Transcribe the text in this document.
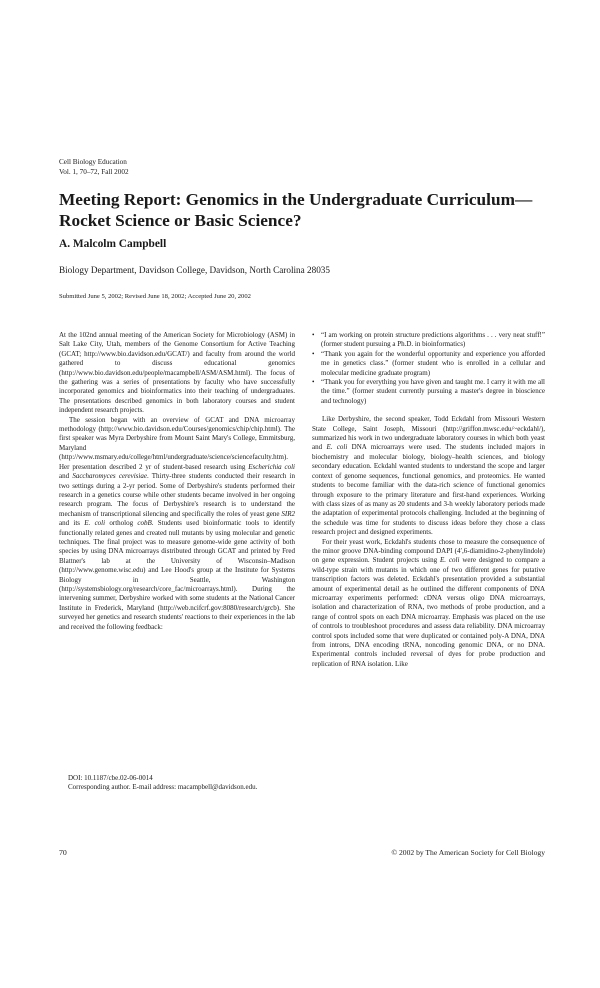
Cell Biology Education
Vol. 1, 70–72, Fall 2002
Meeting Report: Genomics in the Undergraduate Curriculum—Rocket Science or Basic Science?
A. Malcolm Campbell
Biology Department, Davidson College, Davidson, North Carolina 28035
Submitted June 5, 2002; Revised June 18, 2002; Accepted June 20, 2002

At the 102nd annual meeting of the American Society for Microbiology (ASM) in Salt Lake City, Utah, members of the Genome Consortium for Active Teaching (GCAT; http://www.bio.davidson.edu/GCAT/) and faculty from around the world gathered to discuss educational genomics (http://www.bio.davidson.edu/people/macampbell/ASM/ASM.html). The focus of the gathering was a series of presentations by faculty who have successfully incorporated genomics and bioinformatics into their teaching of undergraduates. The presentations described genomics in both laboratory courses and student independent research projects.

The session began with an overview of GCAT and DNA microarray methodology (http://www.bio.davidson.edu/Courses/genomics/chip/chip.html). The first speaker was Myra Derbyshire from Mount Saint Mary's College, Emmitsburg, Maryland (http://www.msmary.edu/college/html/undergraduate/science/sciencefaculty.htm). Her presentation described 2 yr of student-based research using Escherichia coli and Saccharomyces cerevisiae. Thirty-three students conducted their research in two settings during a 2-yr period. Some of Derbyshire's students performed their research in a genetics course while other students became involved in her ongoing research program. The focus of Derbyshire's research is to understand the mechanism of transcriptional silencing and specifically the roles of yeast gene SIR2 and its E. coli ortholog cobB. Students used bioinformatic tools to identify functionally related genes and created null mutants by using molecular and genetic techniques. The final project was to measure genome-wide gene activity of both species by using DNA microarrays distributed through GCAT and printed by Fred Blattner's lab at the University of Wisconsin–Madison (http://www.genome.wisc.edu) and Lee Hood's group at the Institute for Systems Biology in Seattle, Washington (http://systemsbiology.org/research/core_fac/microarrays.html). During the intervening summer, Derbyshire worked with some students at the National Cancer Institute in Frederick, Maryland (http://web.ncifcrf.gov:8080/research/grcb). She surveyed her genetics and research students' reactions to their experiences in the lab and received the following feedback:

DOI: 10.1187/cbe.02-06-0014
Corresponding author. E-mail address: macampbell@davidson.edu.
• “I am working on protein structure predictions algorithms . . . very neat stuff!” (former student pursuing a Ph.D. in bioinformatics)
• “Thank you again for the wonderful opportunity and experience you afforded me in genetics class.” (former student who is enrolled in a cellular and molecular medicine graduate program)
• “Thank you for everything you have given and taught me. I carry it with me all the time.” (former student currently pursuing a master's degree in bioscience and technology)

Like Derbyshire, the second speaker, Todd Eckdahl from Missouri Western State College, Saint Joseph, Missouri (http://griffon.mwsc.edu/~eckdahl/), summarized his work in two undergraduate laboratory courses in which both yeast and E. coli DNA microarrays were used. The students included majors in biochemistry and molecular biology, biology–health sciences, and biology secondary education. Eckdahl wanted students to understand the scope and larger context of genome sequences, functional genomics, and proteomics. He wanted students to become familiar with the data-rich science of functional genomics through exposure to the primary literature and first-hand experiences. Working with class sizes of as many as 20 students and 3-h weekly laboratory periods made the adaptation of experimental protocols challenging. Included at the beginning of the schedule was time for students to discuss ideas before they chose a class research project and designed experiments.

For their yeast work, Eckdahl's students chose to measure the consequence of the minor groove DNA-binding compound DAPI (4′,6-diamidino-2-phenylindole) on gene expression. Student projects using E. coli were designed to compare a wild-type strain with mutants in which one of two different genes for putative transcription factors was deleted. Eckdahl's presentation provided a substantial amount of experimental detail as he outlined the different components of DNA microarray experiments performed: cDNA versus oligo DNA microarrays, isolation and characterization of RNA, two methods of probe production, and a range of control spots on each DNA microarray. Emphasis was placed on the use of controls to troubleshoot procedures and assess data reliability. DNA microarray control spots included some that were duplicated or contained poly-A DNA, DNA from introns, DNA encoding tRNA, noncoding genomic DNA, or no DNA. Experimental controls included reversal of dyes for probe production and replication of RNA isolation. Like

70	© 2002 by The American Society for Cell Biology
